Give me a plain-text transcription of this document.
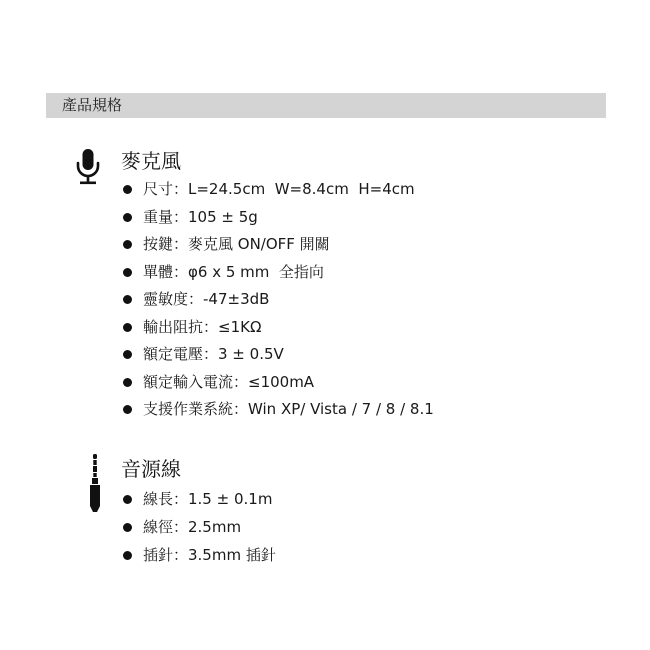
產品規格
麥克風
尺寸：L=24.5cm  W=8.4cm  H=4cm
重量：105 ± 5g
按鍵：麥克風 ON/OFF 開關
單體：φ6 x 5 mm  全指向
靈敏度：-47±3dB
輸出阻抗：≤1KΩ
額定電壓：3 ± 0.5V
額定輸入電流：≤100mA
支援作業系統：Win XP/ Vista / 7 / 8 / 8.1
音源線
線長：1.5 ± 0.1m
線徑：2.5mm
插針：3.5mm 插針
